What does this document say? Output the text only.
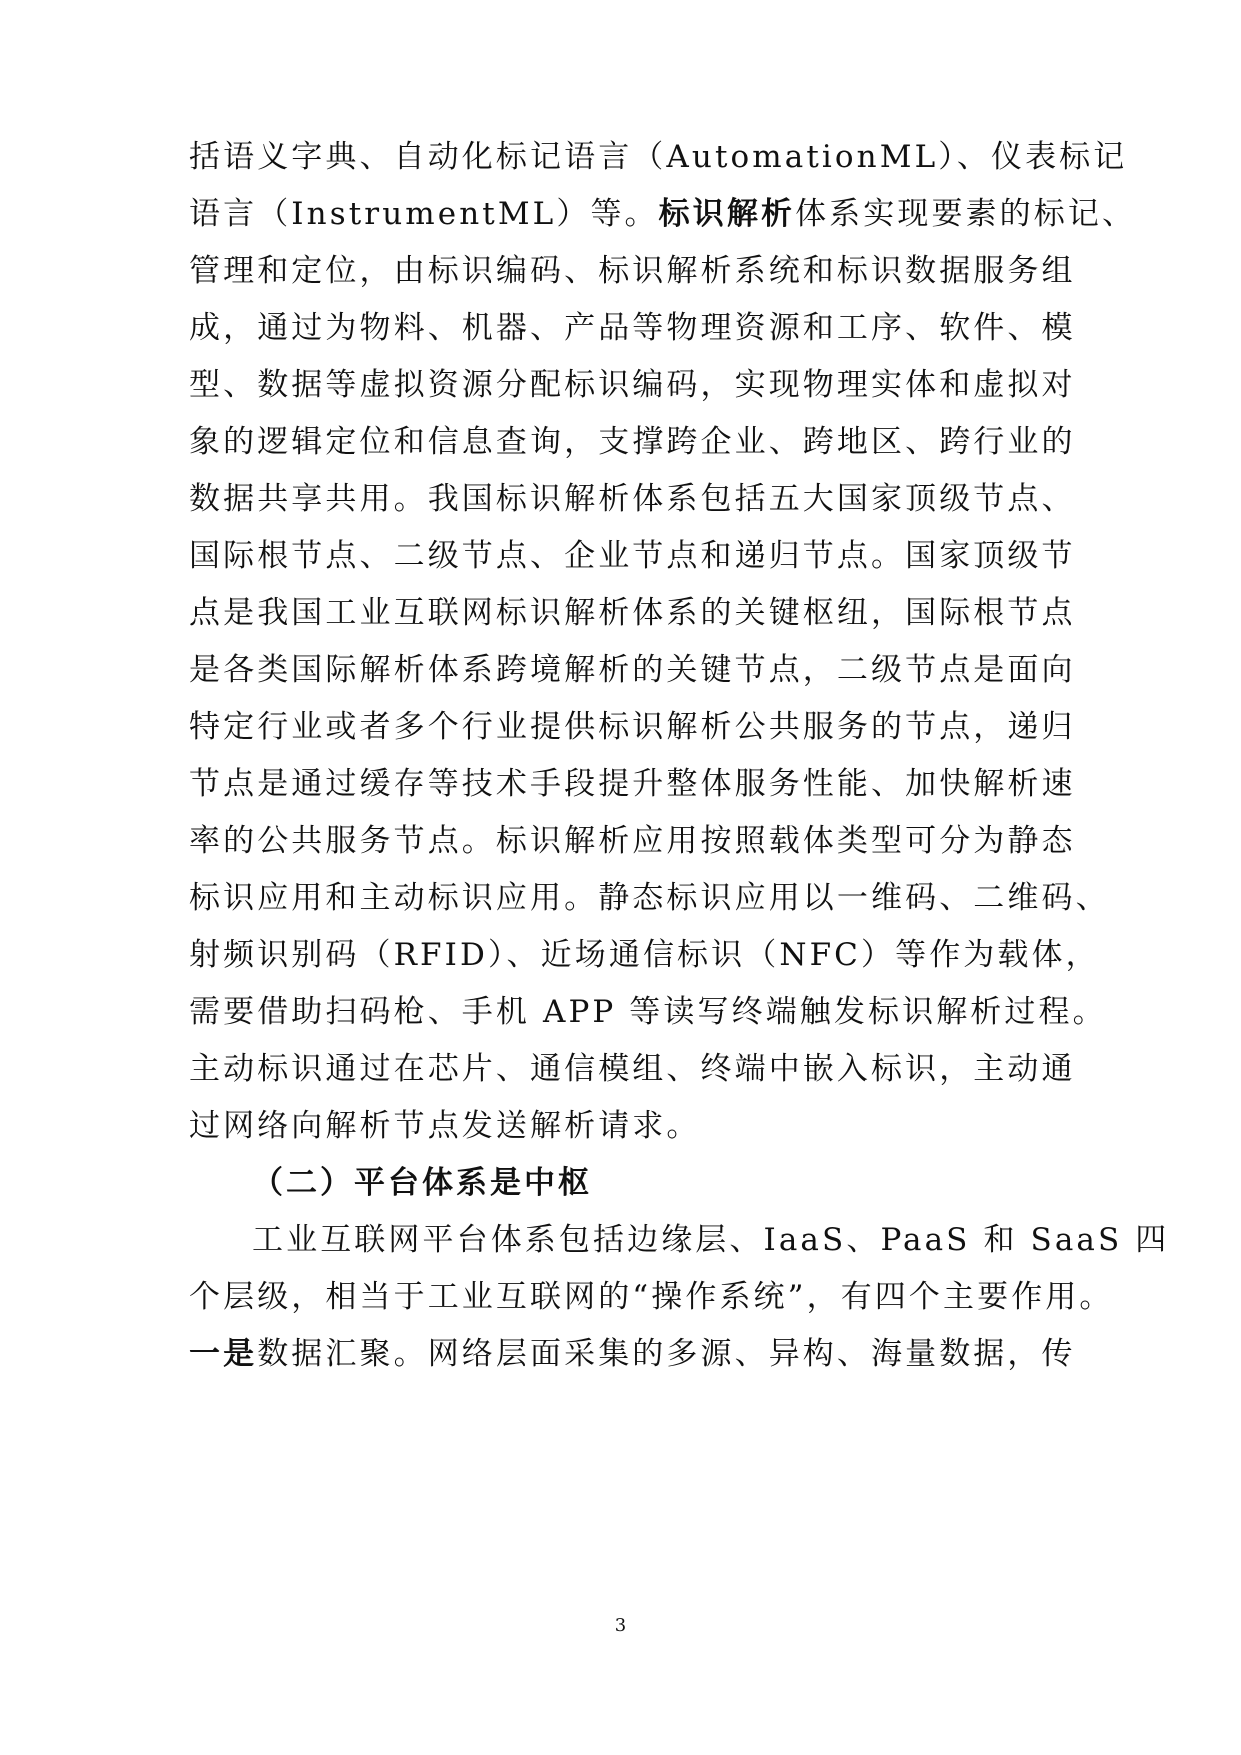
括语义字典、自动化标记语言（AutomationML）、仪表标记
语言（InstrumentML）等。标识解析体系实现要素的标记、
管理和定位，由标识编码、标识解析系统和标识数据服务组
成，通过为物料、机器、产品等物理资源和工序、软件、模
型、数据等虚拟资源分配标识编码，实现物理实体和虚拟对
象的逻辑定位和信息查询，支撑跨企业、跨地区、跨行业的
数据共享共用。我国标识解析体系包括五大国家顶级节点、
国际根节点、二级节点、企业节点和递归节点。国家顶级节
点是我国工业互联网标识解析体系的关键枢纽，国际根节点
是各类国际解析体系跨境解析的关键节点，二级节点是面向
特定行业或者多个行业提供标识解析公共服务的节点，递归
节点是通过缓存等技术手段提升整体服务性能、加快解析速
率的公共服务节点。标识解析应用按照载体类型可分为静态
标识应用和主动标识应用。静态标识应用以一维码、二维码、
射频识别码（RFID）、近场通信标识（NFC）等作为载体，
需要借助扫码枪、手机 APP 等读写终端触发标识解析过程。
主动标识通过在芯片、通信模组、终端中嵌入标识，主动通
过网络向解析节点发送解析请求。
（二）平台体系是中枢
工业互联网平台体系包括边缘层、IaaS、PaaS 和 SaaS 四
个层级，相当于工业互联网的“操作系统”，有四个主要作用。
一是数据汇聚。网络层面采集的多源、异构、海量数据，传
3
